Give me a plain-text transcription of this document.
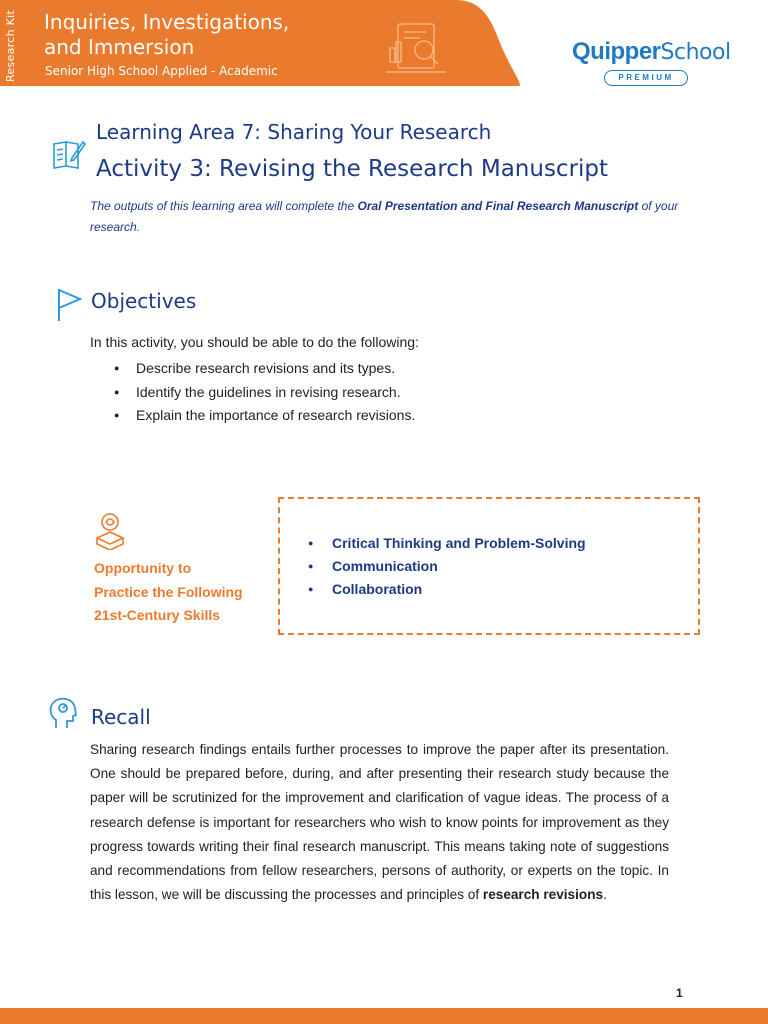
Research Kit Inquiries, Investigations,
and Immersion
Senior High School Applied - Academic
QuipperSchool
PREMIUM
Learning Area 7: Sharing Your Research
Activity 3: Revising the Research Manuscript
The outputs of this learning area will complete the Oral Presentation and Final Research Manuscript of your research.
Objectives
In this activity, you should be able to do the following:
● Describe research revisions and its types.
● Identify the guidelines in revising research.
● Explain the importance of research revisions.
Opportunity to
Practice the Following
21st-Century Skills
● Critical Thinking and Problem-Solving
● Communication
● Collaboration
Recall
Sharing research findings entails further processes to improve the paper after its presentation. One should be prepared before, during, and after presenting their research study because the paper will be scrutinized for the improvement and clarification of vague ideas. The process of a research defense is important for researchers who wish to know points for improvement as they progress towards writing their final research manuscript. This means taking note of suggestions and recommendations from fellow researchers, persons of authority, or experts on the topic. In this lesson, we will be discussing the processes and principles of research revisions.
1
